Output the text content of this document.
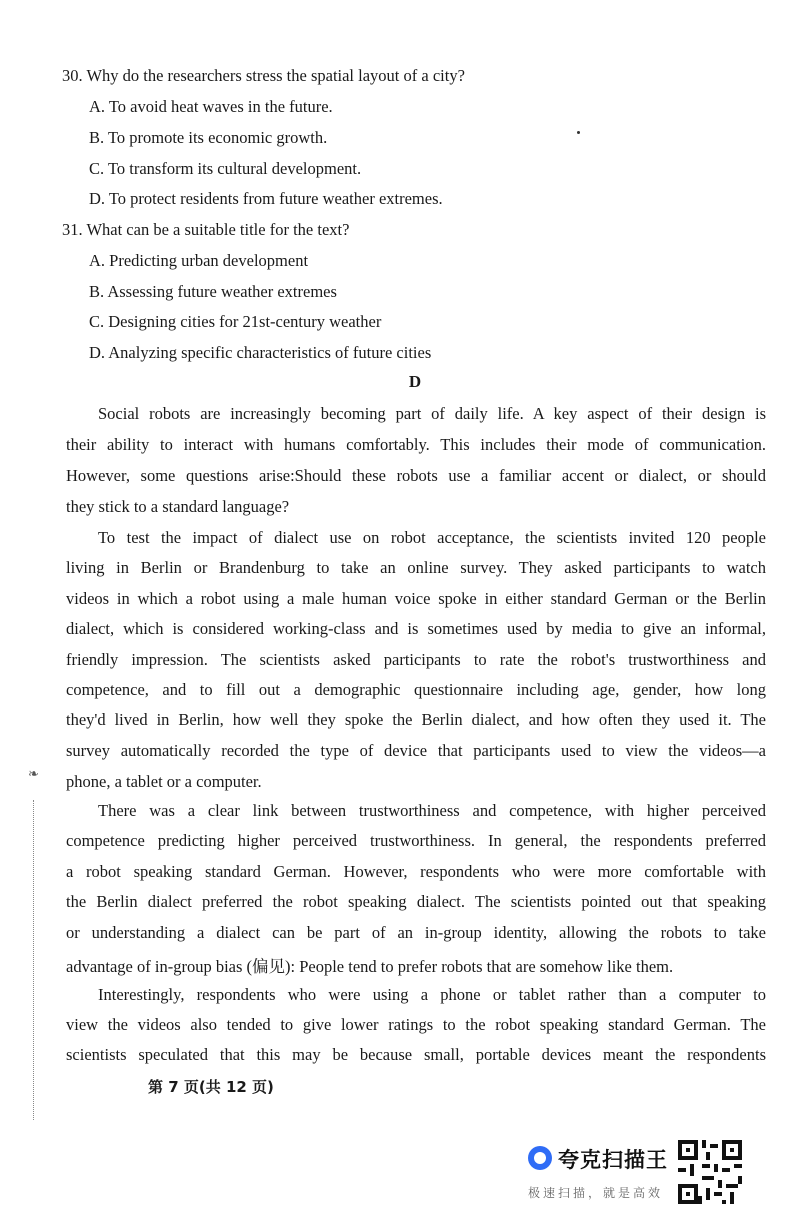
30. Why do the researchers stress the spatial layout of a city?
A. To avoid heat waves in the future.
B. To promote its economic growth.
C. To transform its cultural development.
D. To protect residents from future weather extremes.
31. What can be a suitable title for the text?
A. Predicting urban development
B. Assessing future weather extremes
C. Designing cities for 21st-century weather
D. Analyzing specific characteristics of future cities
D
Social robots are increasingly becoming part of daily life. A key aspect of their design is
their ability to interact with humans comfortably. This includes their mode of communication.
However, some questions arise:Should these robots use a familiar accent or dialect, or should
they stick to a standard language?
To test the impact of dialect use on robot acceptance, the scientists invited 120 people
living in Berlin or Brandenburg to take an online survey. They asked participants to watch
videos in which a robot using a male human voice spoke in either standard German or the Berlin
dialect, which is considered working-class and is sometimes used by media to give an informal,
friendly impression. The scientists asked participants to rate the robot's trustworthiness and
competence, and to fill out a demographic questionnaire including age, gender, how long
they'd lived in Berlin, how well they spoke the Berlin dialect, and how often they used it. The
survey automatically recorded the type of device that participants used to view the videos—a
phone, a tablet or a computer.
There was a clear link between trustworthiness and competence, with higher perceived
competence predicting higher perceived trustworthiness. In general, the respondents preferred
a robot speaking standard German. However, respondents who were more comfortable with
the Berlin dialect preferred the robot speaking dialect. The scientists pointed out that speaking
or understanding a dialect can be part of an in-group identity, allowing the robots to take
advantage of in-group bias (偏见): People tend to prefer robots that are somehow like them.
Interestingly, respondents who were using a phone or tablet rather than a computer to
view the videos also tended to give lower ratings to the robot speaking standard German. The
scientists speculated that this may be because small, portable devices meant the respondents
第 7 页(共 12 页)
❧
夸克扫描王
极速扫描，就是高效
